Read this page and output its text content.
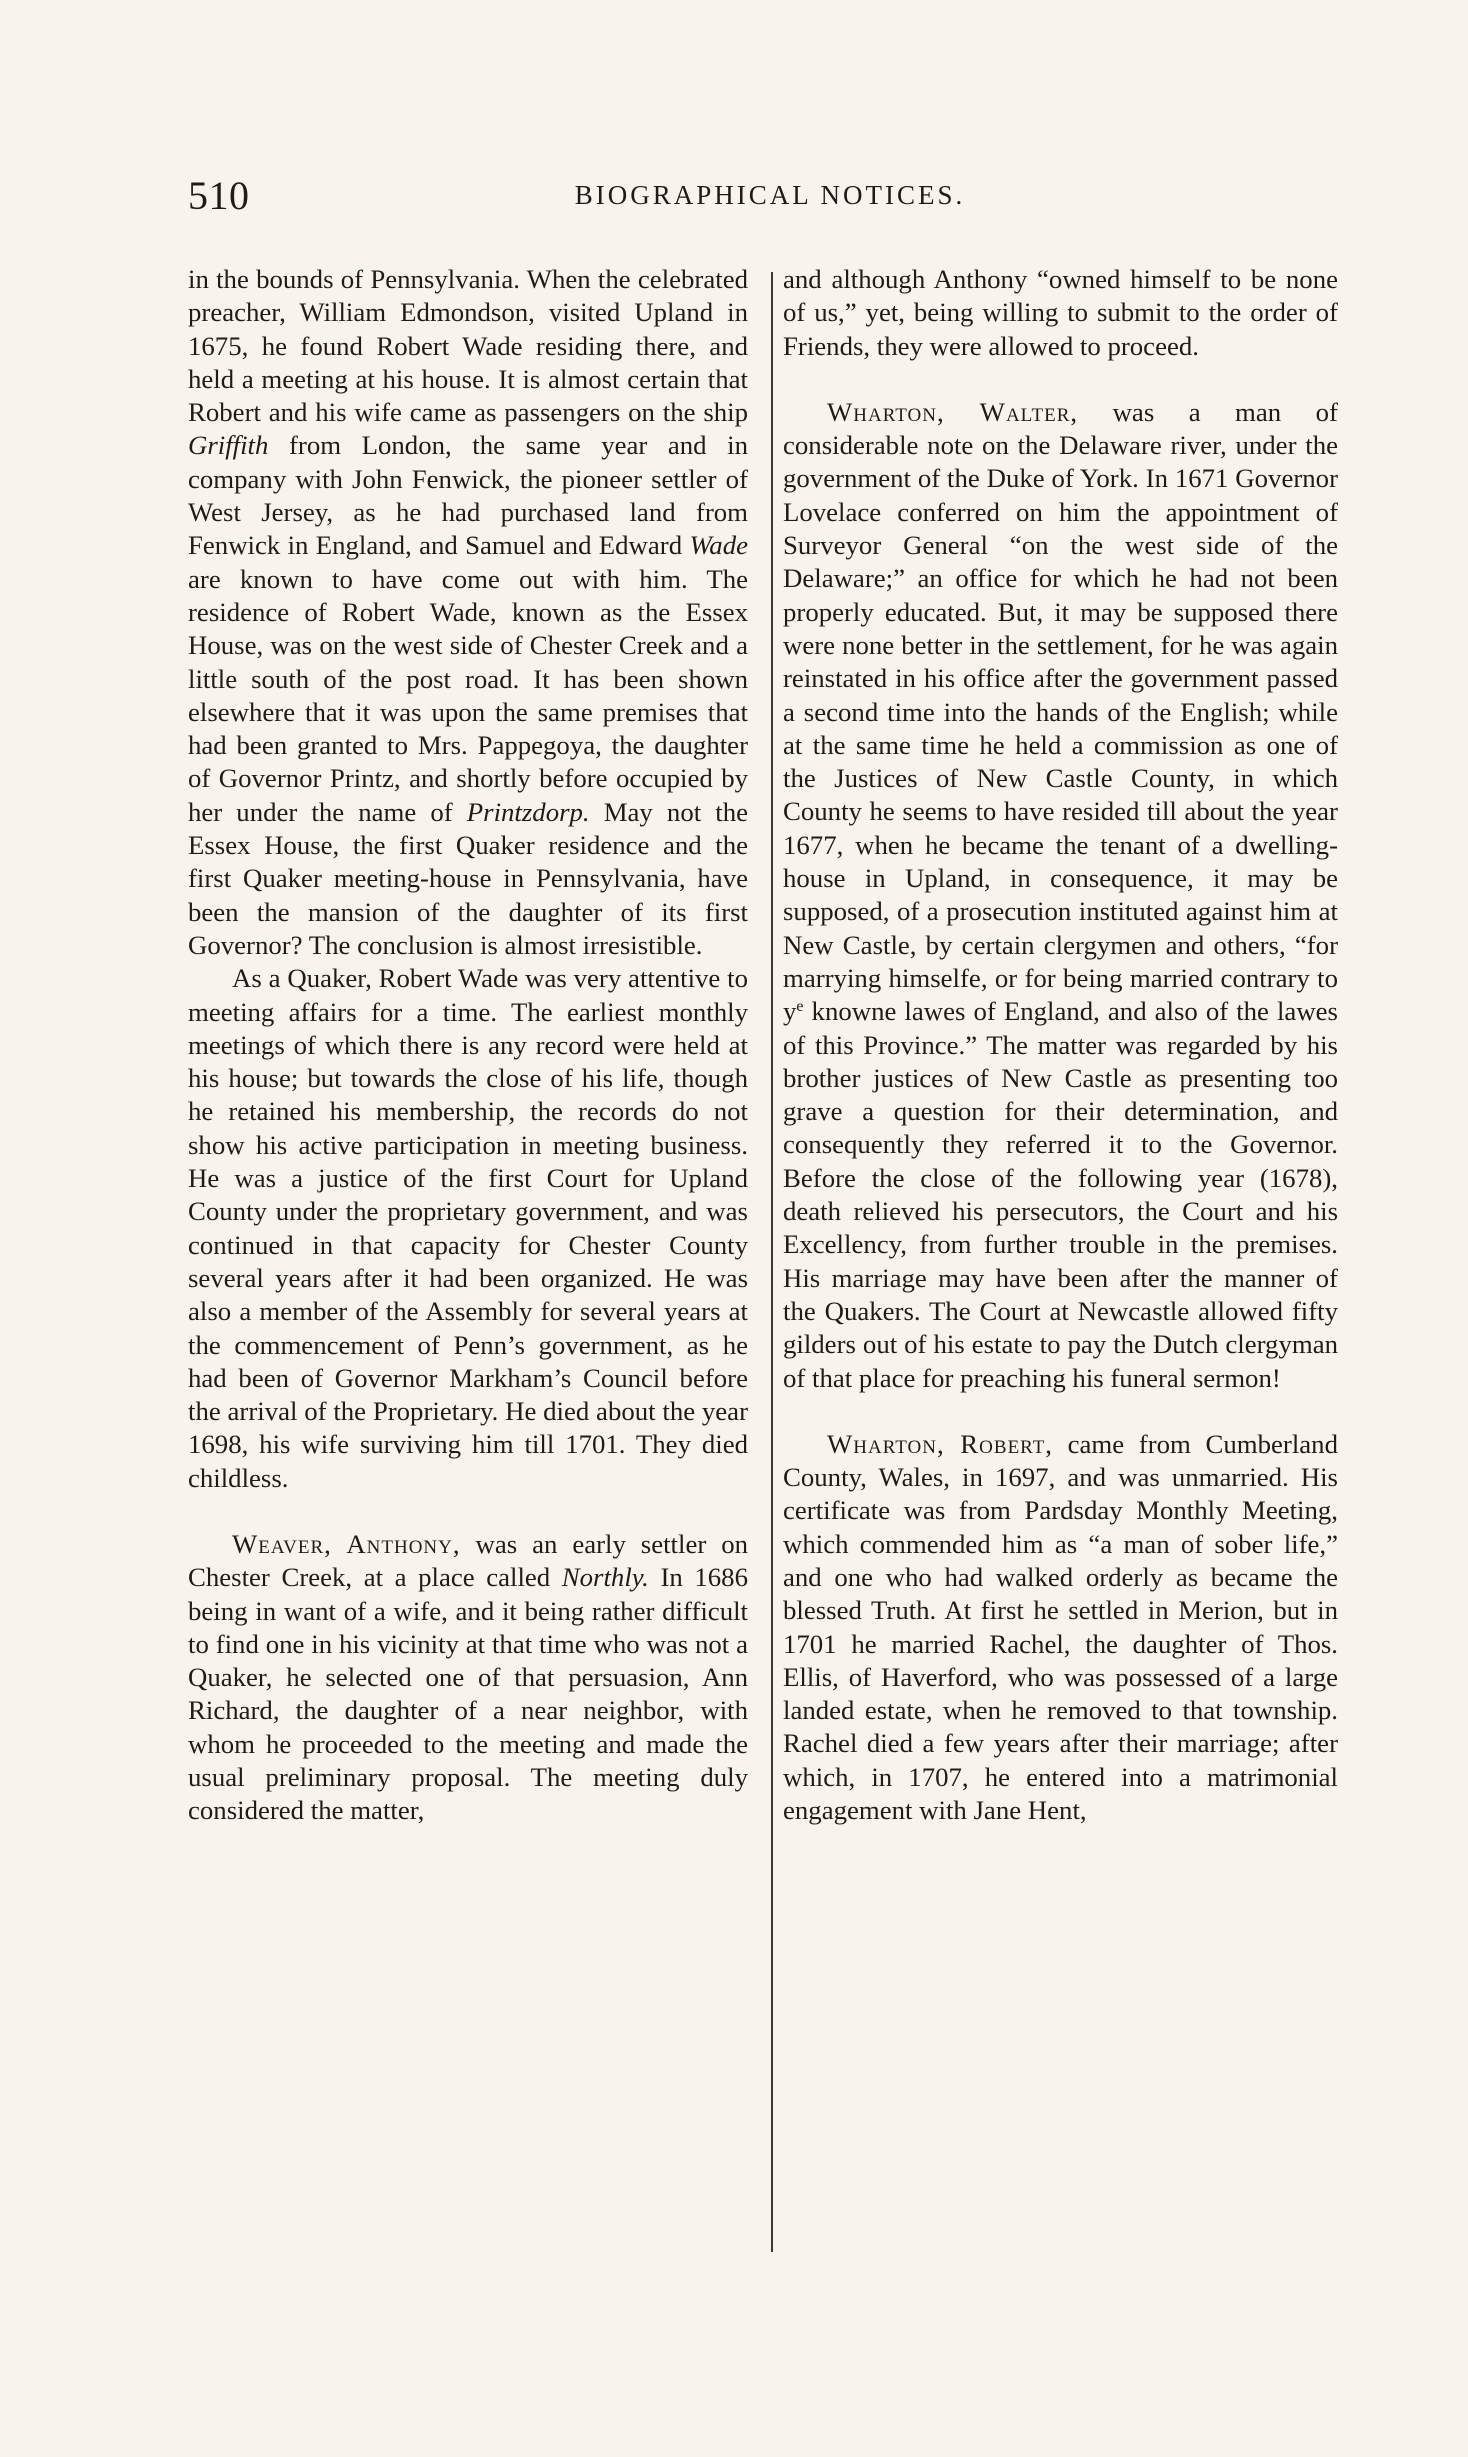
510	BIOGRAPHICAL NOTICES.

in the bounds of Pennsylvania. When the celebrated preacher, William Edmondson, visited Upland in 1675, he found Robert Wade residing there, and held a meeting at his house. It is almost certain that Robert and his wife came as passengers on the ship Griffith from London, the same year and in company with John Fenwick, the pioneer settler of West Jersey, as he had purchased land from Fenwick in England, and Samuel and Edward Wade are known to have come out with him. The residence of Robert Wade, known as the Essex House, was on the west side of Chester Creek and a little south of the post road. It has been shown elsewhere that it was upon the same premises that had been granted to Mrs. Pappegoya, the daughter of Governor Printz, and shortly before occupied by her under the name of Printzdorp. May not the Essex House, the first Quaker residence and the first Quaker meeting-house in Pennsylvania, have been the mansion of the daughter of its first Governor? The conclusion is almost irresistible.

As a Quaker, Robert Wade was very attentive to meeting affairs for a time. The earliest monthly meetings of which there is any record were held at his house; but towards the close of his life, though he retained his membership, the records do not show his active participation in meeting business. He was a justice of the first Court for Upland County under the proprietary government, and was continued in that capacity for Chester County several years after it had been organized. He was also a member of the Assembly for several years at the commencement of Penn’s government, as he had been of Governor Markham’s Council before the arrival of the Proprietary. He died about the year 1698, his wife surviving him till 1701. They died childless.

Weaver, Anthony, was an early settler on Chester Creek, at a place called Northly. In 1686 being in want of a wife, and it being rather difficult to find one in his vicinity at that time who was not a Quaker, he selected one of that persuasion, Ann Richard, the daughter of a near neighbor, with whom he proceeded to the meeting and made the usual preliminary proposal. The meeting duly considered the matter,

and although Anthony “owned himself to be none of us,” yet, being willing to submit to the order of Friends, they were allowed to proceed.

Wharton, Walter, was a man of considerable note on the Delaware river, under the government of the Duke of York. In 1671 Governor Lovelace conferred on him the appointment of Surveyor General “on the west side of the Delaware;” an office for which he had not been properly educated. But, it may be supposed there were none better in the settlement, for he was again reinstated in his office after the government passed a second time into the hands of the English; while at the same time he held a commission as one of the Justices of New Castle County, in which County he seems to have resided till about the year 1677, when he became the tenant of a dwelling-house in Upland, in consequence, it may be supposed, of a prosecution instituted against him at New Castle, by certain clergymen and others, “for marrying himselfe, or for being married contrary to $y^e$ knowne lawes of England, and also of the lawes of this Province.” The matter was regarded by his brother justices of New Castle as presenting too grave a question for their determination, and consequently they referred it to the Governor. Before the close of the following year (1678), death relieved his persecutors, the Court and his Excellency, from further trouble in the premises. His marriage may have been after the manner of the Quakers. The Court at Newcastle allowed fifty gilders out of his estate to pay the Dutch clergyman of that place for preaching his funeral sermon!

Wharton, Robert, came from Cumberland County, Wales, in 1697, and was unmarried. His certificate was from Pardsday Monthly Meeting, which commended him as “a man of sober life,” and one who had walked orderly as became the blessed Truth. At first he settled in Merion, but in 1701 he married Rachel, the daughter of Thos. Ellis, of Haverford, who was possessed of a large landed estate, when he removed to that township. Rachel died a few years after their marriage; after which, in 1707, he entered into a matrimonial engagement with Jane Hent,
